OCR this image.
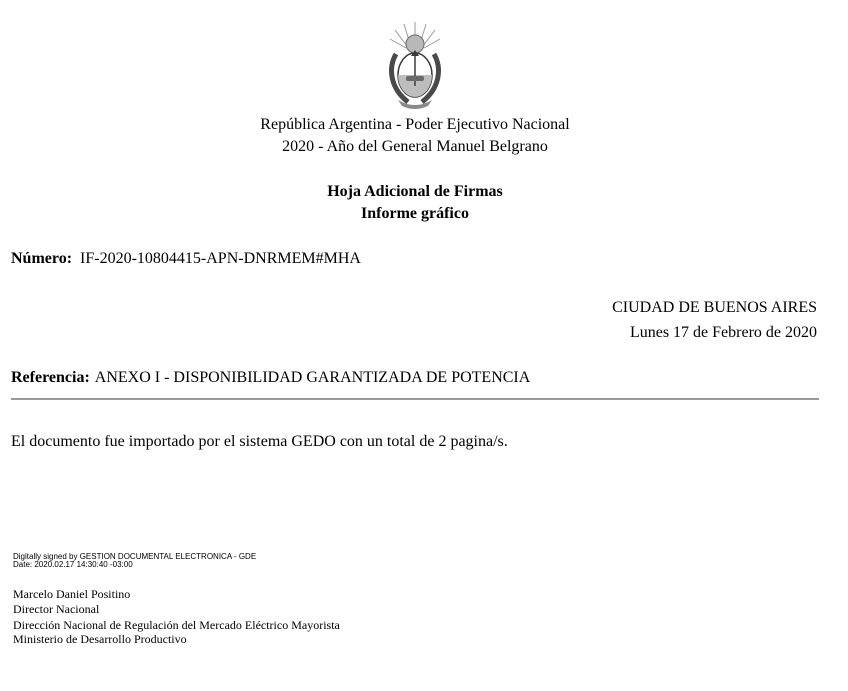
República Argentina - Poder Ejecutivo Nacional
2020 - Año del General Manuel Belgrano
Hoja Adicional de Firmas
Informe gráfico
Número: IF-2020-10804415-APN-DNRMEM#MHA
CIUDAD DE BUENOS AIRES
Lunes 17 de Febrero de 2020
Referencia: ANEXO I - DISPONIBILIDAD GARANTIZADA DE POTENCIA
El documento fue importado por el sistema GEDO con un total de 2 pagina/s.
Digitally signed by GESTION DOCUMENTAL ELECTRONICA - GDE
Date: 2020.02.17 14:30:40 -03:00
Marcelo Daniel Positino
Director Nacional
Dirección Nacional de Regulación del Mercado Eléctrico Mayorista
Ministerio de Desarrollo Productivo
